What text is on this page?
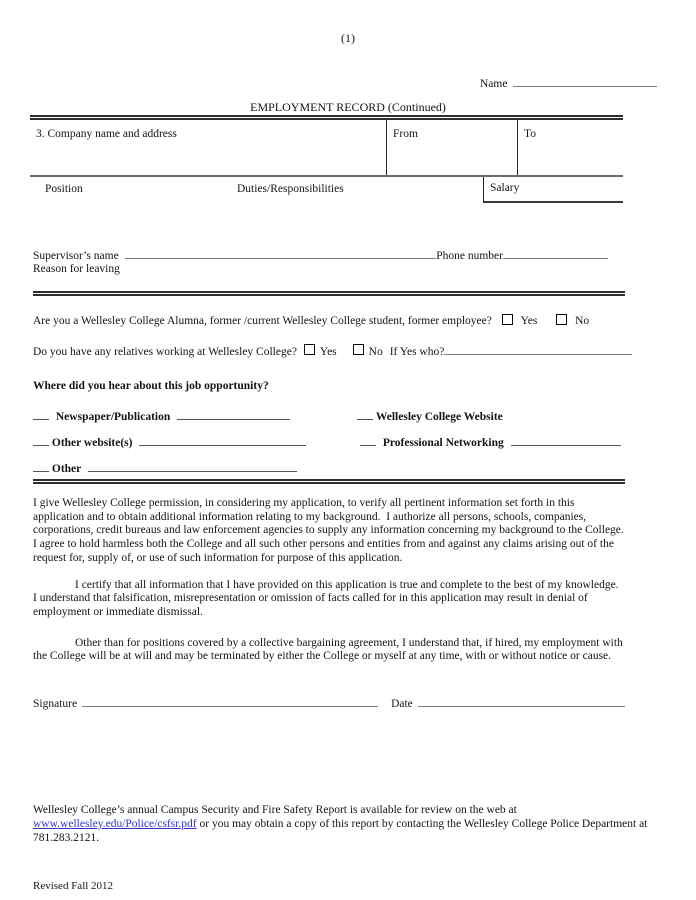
(1)
Name
EMPLOYMENT RECORD (Continued)
3. Company name and address	From	To
Position	Duties/Responsibilities	Salary
Supervisor’s name	Phone number
Reason for leaving
Are you a Wellesley College Alumna, former /current Wellesley College student, former employee?	Yes	No
Do you have any relatives working at Wellesley College? Yes	No If Yes who?
Where did you hear about this job opportunity?
Newspaper/Publication	Wellesley College Website
Other website(s)	Professional Networking
Other

I give Wellesley College permission, in considering my application, to verify all pertinent information set forth in this application and to obtain additional information relating to my background.  I authorize all persons, schools, companies, corporations, credit bureaus and law enforcement agencies to supply any information concerning my background to the College.  I agree to hold harmless both the College and all such other persons and entities from and against any claims arising out of the request for, supply of, or use of such information for purpose of this application.

I certify that all information that I have provided on this application is true and complete to the best of my knowledge.  I understand that falsification, misrepresentation or omission of facts called for in this application may result in denial of employment or immediate dismissal.

Other than for positions covered by a collective bargaining agreement, I understand that, if hired, my employment with the College will be at will and may be terminated by either the College or myself at any time, with or without notice or cause.

Signature	Date
Wellesley College’s annual Campus Security and Fire Safety Report is available for review on the web at www.wellesley.edu/Police/csfsr.pdf or you may obtain a copy of this report by contacting the Wellesley College Police Department at 781.283.2121.
Revised Fall 2012
